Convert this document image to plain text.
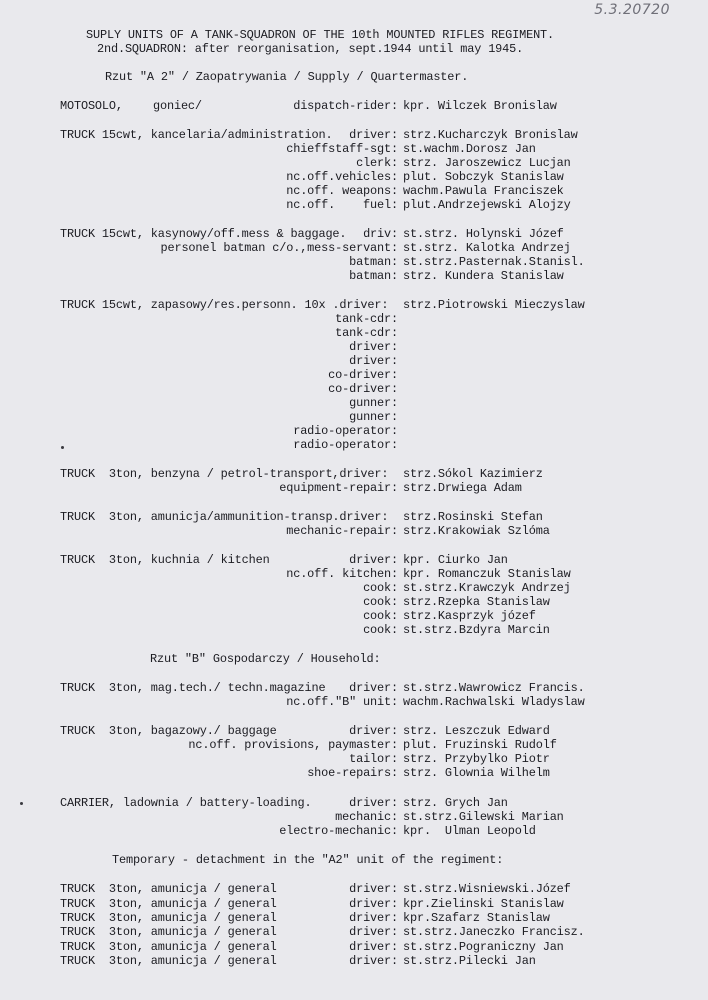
5.3.20720

SUPLY UNITS OF A TANK-SQUADRON OF THE 10th MOUNTED RIFLES REGIMENT.

2nd.SQUADRON: after reorganisation, sept.1944 until may 1945.

Rzut "A 2" / Zaopatrywania / Supply / Quartermaster.

MOTOSOLO,	goniec/	dispatch-rider: kpr. Wilczek Bronislaw

TRUCK 15cwt, kancelaria/administration. driver: strz.Kucharczyk Bronislaw

chieffstaff-sgt: st.wachm.Dorosz Jan

clerk: strz. Jaroszewicz Lucjan

nc.off.vehicles: plut. Sobczyk Stanislaw

nc.off. weapons: wachm.Pawula Franciszek

nc.off.    fuel: plut.Andrzejewski Alojzy

TRUCK 15cwt, kasynowy/off.mess & baggage. driv: st.strz. Holynski Józef

personel batman c/o.,mess-servant: st.strz. Kalotka Andrzej

batman: st.strz.Pasternak.Stanisl.

batman: strz. Kundera Stanislaw

TRUCK 15cwt, zapasowy/res.personn. 10x .driver: strz.Piotrowski Mieczyslaw

tank-cdr:

tank-cdr:

driver:

driver:

co-driver:

co-driver:

gunner:

gunner:

radio-operator:

radio-operator:

TRUCK  3ton, benzyna / petrol-transport,driver: strz.Sókol Kazimierz

equipment-repair: strz.Drwiega Adam

TRUCK  3ton, amunicja/ammunition-transp.driver: strz.Rosinski Stefan

mechanic-repair: strz.Krakowiak Szlóma

TRUCK  3ton, kuchnia / kitchen	driver: kpr. Ciurko Jan

nc.off. kitchen: kpr. Romanczuk Stanislaw

cook: st.strz.Krawczyk Andrzej

cook: strz.Rzepka Stanislaw

cook: strz.Kasprzyk józef

cook: st.strz.Bzdyra Marcin

Rzut "B" Gospodarczy / Household:

TRUCK  3ton, mag.tech./ techn.magazine driver: st.strz.Wawrowicz Francis.

nc.off."B" unit: wachm.Rachwalski Wladyslaw

TRUCK  3ton, bagazowy./ baggage	driver: strz. Leszczuk Edward

nc.off. provisions, paymaster: plut. Fruzinski Rudolf

tailor: strz. Przybylko Piotr

shoe-repairs: strz. Glownia Wilhelm

CARRIER, ladownia / battery-loading.	driver: strz. Grych Jan

mechanic: st.strz.Gilewski Marian

electro-mechanic: kpr.  Ulman Leopold

Temporary - detachment in the "A2" unit of the regiment:

TRUCK  3ton, amunicja / general	driver: st.strz.Wisniewski.Józef

TRUCK  3ton, amunicja / general	driver: kpr.Zielinski Stanislaw

TRUCK  3ton, amunicja / general	driver: kpr.Szafarz Stanislaw

TRUCK  3ton, amunicja / general	driver: st.strz.Janeczko Francisz.

TRUCK  3ton, amunicja / general	driver: st.strz.Pograniczny Jan

TRUCK  3ton, amunicja / general	driver: st.strz.Pilecki Jan
